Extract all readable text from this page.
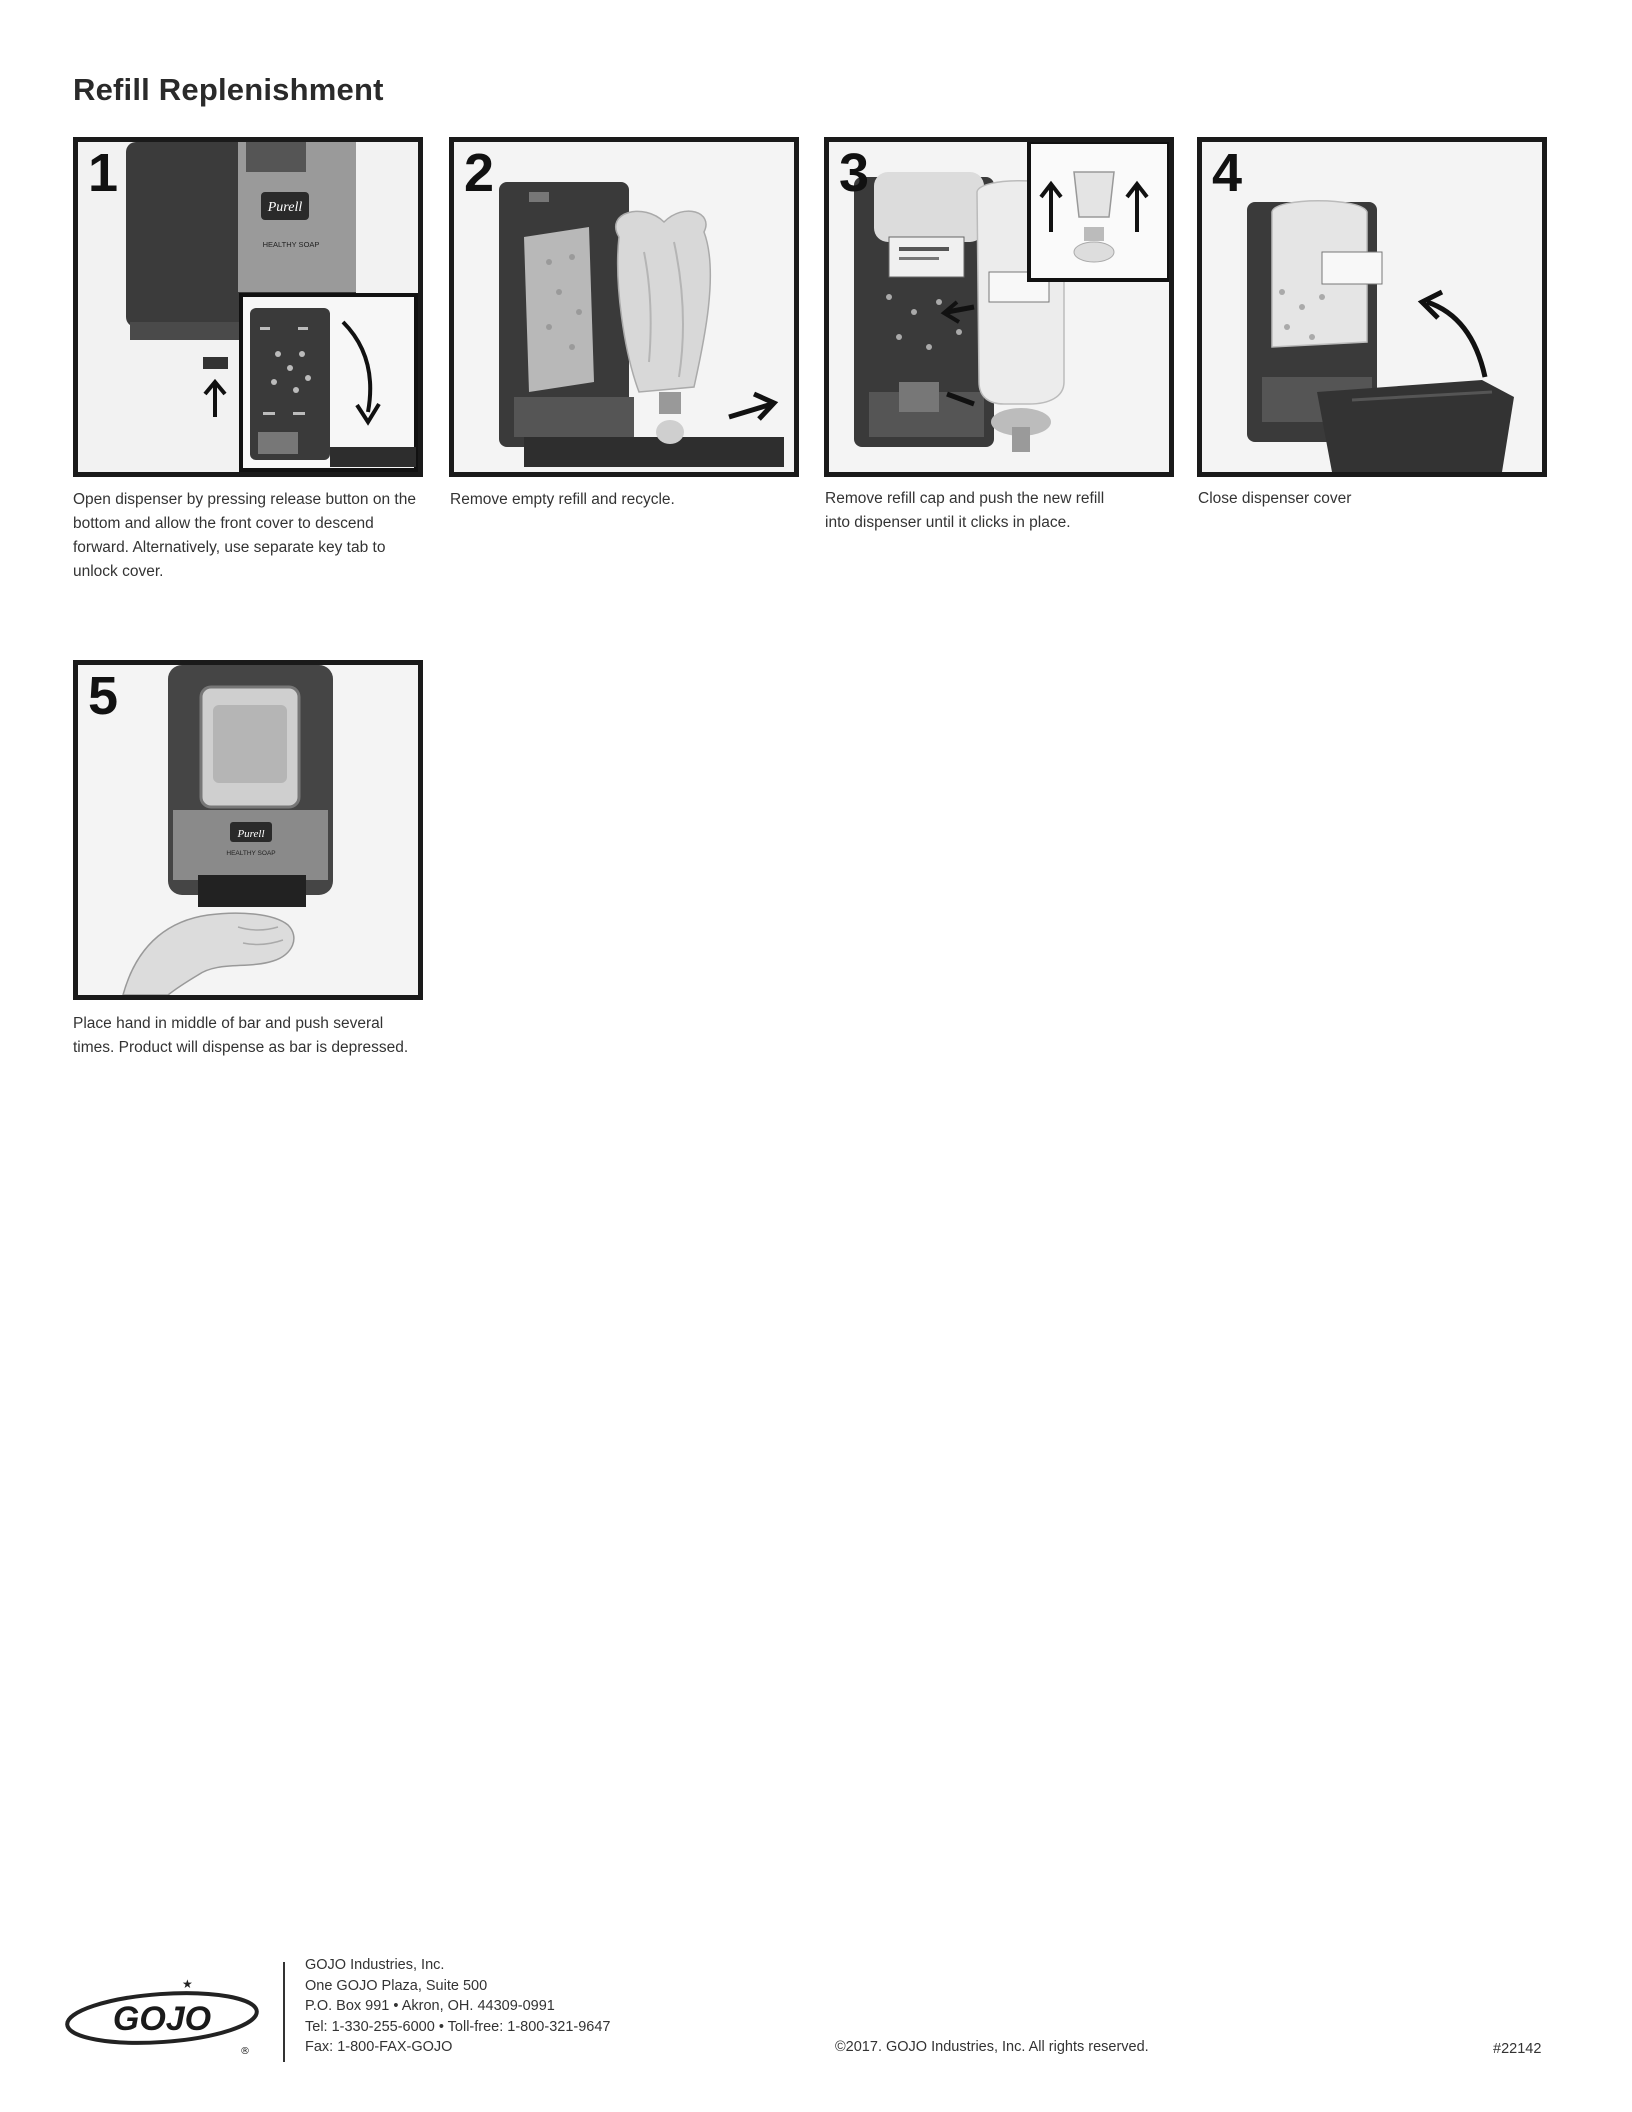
Refill Replenishment
1
Purell
HEALTHY SOAP
Open dispenser by pressing release button on the bottom and allow the front cover to descend forward. Alternatively, use separate key tab to unlock cover.
2
Remove empty refill and recycle.
3
Remove refill cap and push the new refill into dispenser until it clicks in place.
4
Close dispenser cover
5
Purell
HEALTHY SOAP
Place hand in middle of bar and push several times. Product will dispense as bar is depressed.
GOJO
★
®
GOJO Industries, Inc.
One GOJO Plaza, Suite 500
P.O. Box 991 • Akron, OH. 44309-0991
Tel: 1-330-255-6000 • Toll-free: 1-800-321-9647
Fax: 1-800-FAX-GOJO	©2017. GOJO Industries, Inc. All rights reserved.	#22142
